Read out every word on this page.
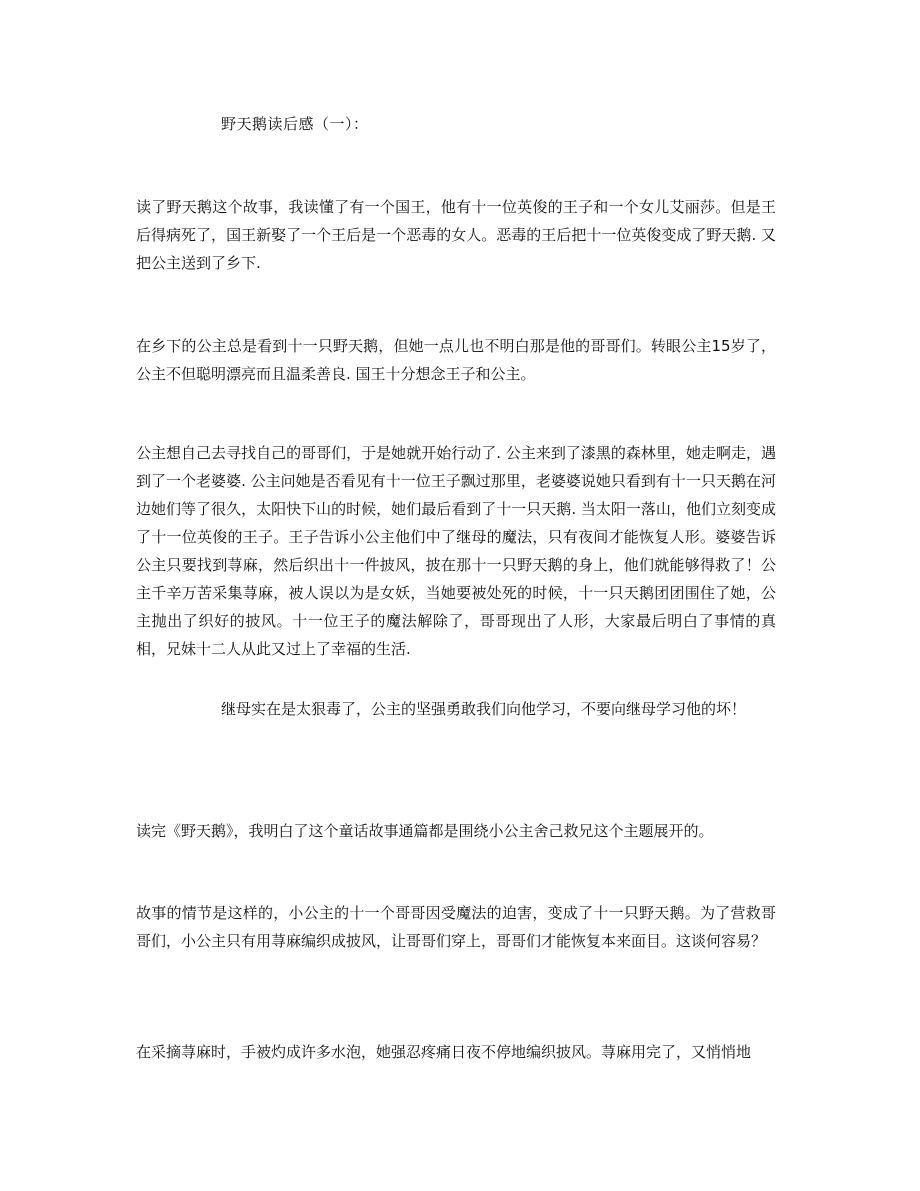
野天鹅读后感（一）：

读了野天鹅这个故事，我读懂了有一个国王，他有十一位英俊的王子和一个女儿艾丽莎。但是王后得病死了，国王新娶了一个王后是一个恶毒的女人。恶毒的王后把十一位英俊变成了野天鹅. 又把公主送到了乡下.

在乡下的公主总是看到十一只野天鹅，但她一点儿也不明白那是他的哥哥们。转眼公主15岁了，公主不但聪明漂亮而且温柔善良. 国王十分想念王子和公主。

公主想自己去寻找自己的哥哥们，于是她就开始行动了. 公主来到了漆黑的森林里，她走啊走，遇到了一个老婆婆. 公主问她是否看见有十一位王子飘过那里，老婆婆说她只看到有十一只天鹅在河边她们等了很久，太阳快下山的时候，她们最后看到了十一只天鹅. 当太阳一落山，他们立刻变成了十一位英俊的王子。王子告诉小公主他们中了继母的魔法，只有夜间才能恢复人形。婆婆告诉公主只要找到荨麻，然后织出十一件披风，披在那十一只野天鹅的身上，他们就能够得救了！公主千辛万苦采集荨麻，被人误以为是女妖，当她要被处死的时候，十一只天鹅团团围住了她，公主抛出了织好的披风。十一位王子的魔法解除了，哥哥现出了人形，大家最后明白了事情的真相，兄妹十二人从此又过上了幸福的生活.

继母实在是太狠毒了，公主的坚强勇敢我们向他学习，不要向继母学习他的坏！

读完《野天鹅》，我明白了这个童话故事通篇都是围绕小公主舍己救兄这个主题展开的。

故事的情节是这样的，小公主的十一个哥哥因受魔法的迫害，变成了十一只野天鹅。为了营救哥哥们，小公主只有用荨麻编织成披风，让哥哥们穿上，哥哥们才能恢复本来面目。这谈何容易？

在采摘荨麻时，手被灼成许多水泡，她强忍疼痛日夜不停地编织披风。荨麻用完了，又悄悄地
